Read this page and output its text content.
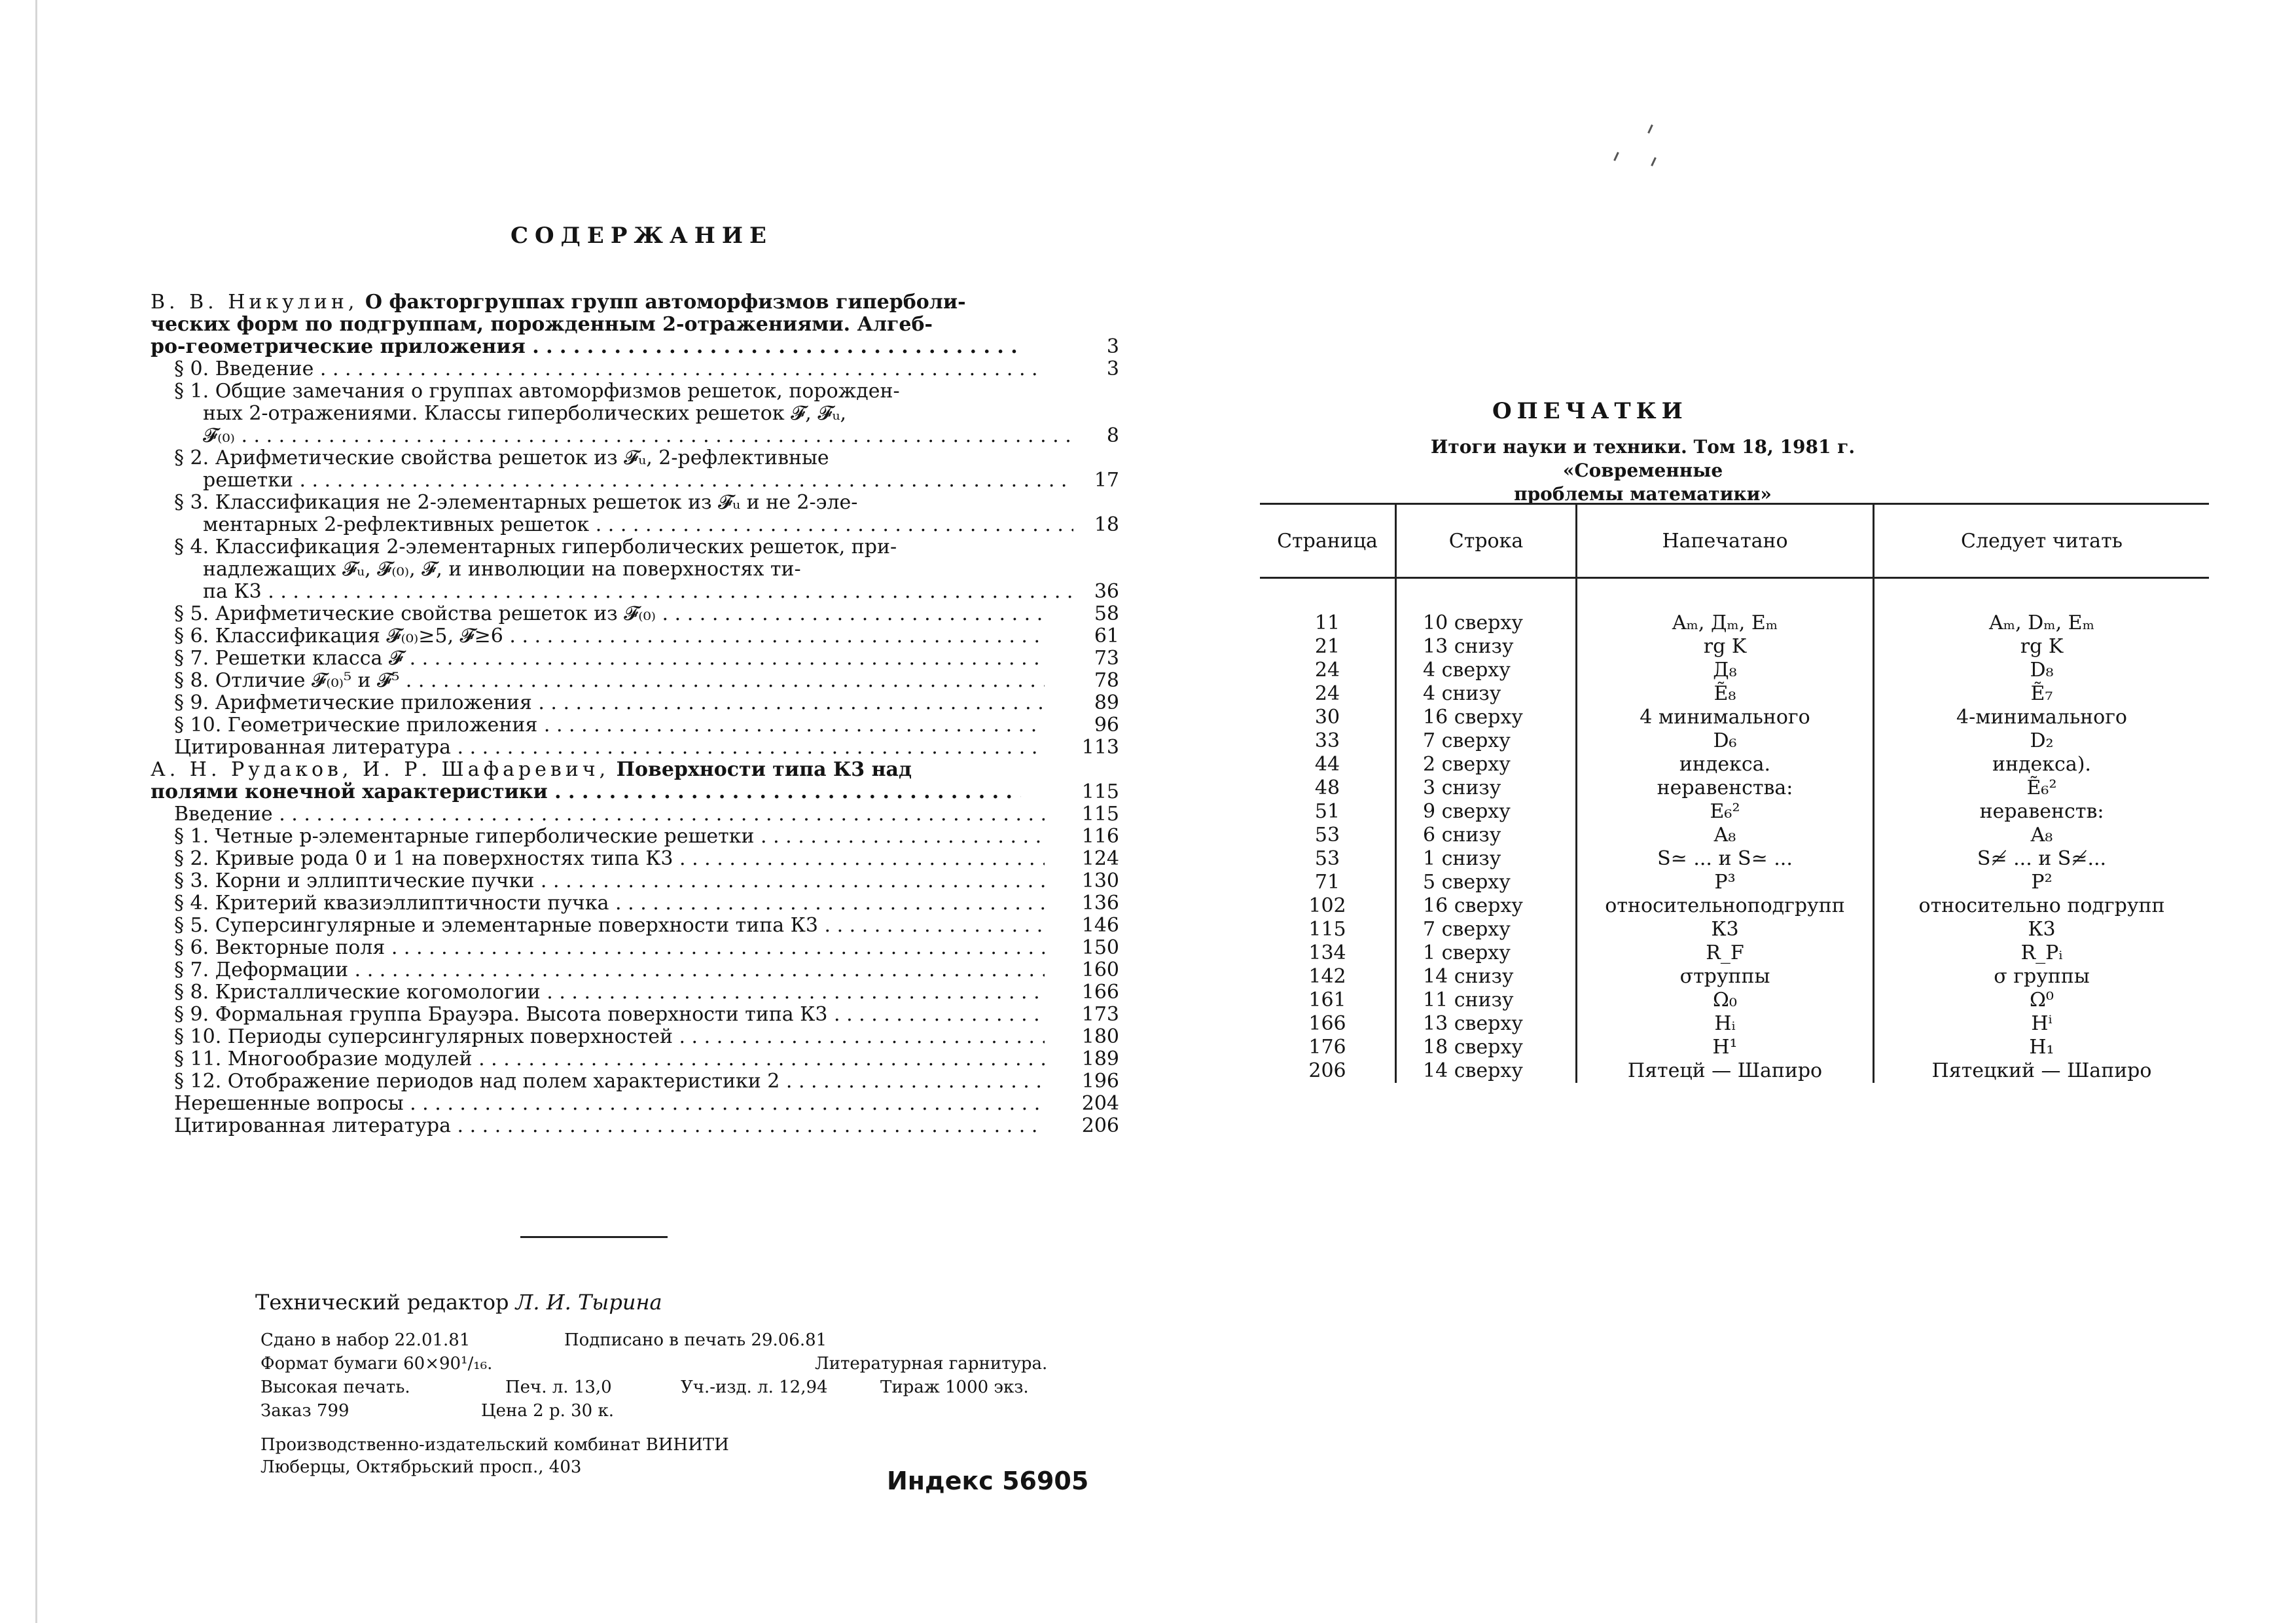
СОДЕРЖАНИЕ
В. В. Никулин, О факторгруппах групп автоморфизмов гиперболи-
ческих форм по подгруппам, порожденным 2-отражениями. Алгеб-
ро-геометрические приложения . . .	3
§ 0. Введение . . .	3
§ 1. Общие замечания о группах автоморфизмов решеток, порожден-
ных 2-отражениями. Классы гиперболических решеток 𝓕, 𝓕ᵤ,
𝓕₍₀₎ . . .	8
§ 2. Арифметические свойства решеток из 𝓕ᵤ, 2-рефлективные
решетки . . .	17
§ 3. Классификация не 2-элементарных решеток из 𝓕ᵤ и не 2-эле-
ментарных 2-рефлективных решеток . . .	18
§ 4. Классификация 2-элементарных гиперболических решеток, при-
надлежащих 𝓕ᵤ, 𝓕₍₀₎, 𝓕, и инволюции на поверхностях ти-
па К3 . . .	36
§ 5. Арифметические свойства решеток из 𝓕₍₀₎ . . .	58
§ 6. Классификация 𝓕₍₀₎≥5, 𝓕≥6 . . .	61
§ 7. Решетки класса 𝓕 . . .	73
§ 8. Отличие 𝓕₍₀₎⁵ и 𝓕⁵ . . .	78
§ 9. Арифметические приложения . . .	89
§ 10. Геометрические приложения . . .	96
Цитированная литература . . .	113
А. Н. Рудаков, И. Р. Шафаревич, Поверхности типа К3 над
полями конечной характеристики . . .	115
Введение . . .	115
§ 1. Четные p-элементарные гиперболические решетки . . .	116
§ 2. Кривые рода 0 и 1 на поверхностях типа К3 . . .	124
§ 3. Корни и эллиптические пучки . . .	130
§ 4. Критерий квазиэллиптичности пучка . . .	136
§ 5. Суперсингулярные и элементарные поверхности типа К3 . . .	146
§ 6. Векторные поля . . .	150
§ 7. Деформации . . .	160
§ 8. Кристаллические когомологии . . .	166
§ 9. Формальная группа Брауэра. Высота поверхности типа К3 . . .	173
§ 10. Периоды суперсингулярных поверхностей . . .	180
§ 11. Многообразие модулей . . .	189
§ 12. Отображение периодов над полем характеристики 2 . . .	196
Нерешенные вопросы . . .	204
Цитированная литература . . .	206
Технический редактор Л. И. Тырина
Сдано в набор 22.01.81	Подписано в печать 29.06.81
Формат бумаги 60×90¹/₁₆.	Литературная гарнитура.
Высокая печать.	Печ. л. 13,0	Уч.-изд. л. 12,94	Тираж 1000 экз.
Заказ 799	Цена 2 р. 30 к.
Производственно-издательский комбинат ВИНИТИ
Люберцы, Октябрьский просп., 403	Индекс 56905
ОПЕЧАТКИ
Итоги науки и техники. Том 18, 1981 г. «Современные
проблемы математики»
Страница	Строка	Напечатано	Следует читать
11	10 сверху	Aₘ, Дₘ, Eₘ	Aₘ, Dₘ, Eₘ
21	13 снизу	rg K	rg K
24	4 сверху	Д₈	D₈
24	4 снизу	Ẽ₈	Ẽ₇
30	16 сверху	4 минимального	4-минимального
33	7 сверху	D₆	D₂
44	2 сверху	индекса.	индекса).
48	3 снизу	неравенства:	Ẽ₆²
51	9 сверху	E₆²	неравенств:
53	6 снизу	A₈	A₈
53	1 снизу	S≃ ... и S≃ ...	S≄ ... и S≄...
71	5 сверху	P³	P²
102	16 сверху	относительноподгрупп	относительно подгрупп
115	7 сверху	К3	К3
134	1 сверху	R_F	R_Pᵢ
142	14 снизу	σтруппы	σ группы
161	11 снизу	Ω₀	Ω⁰
166	13 сверху	Hᵢ	Hⁱ
176	18 сверху	H¹	H₁
206	14 сверху	Пятецй — Шапиро	Пятецкий — Шапиро
